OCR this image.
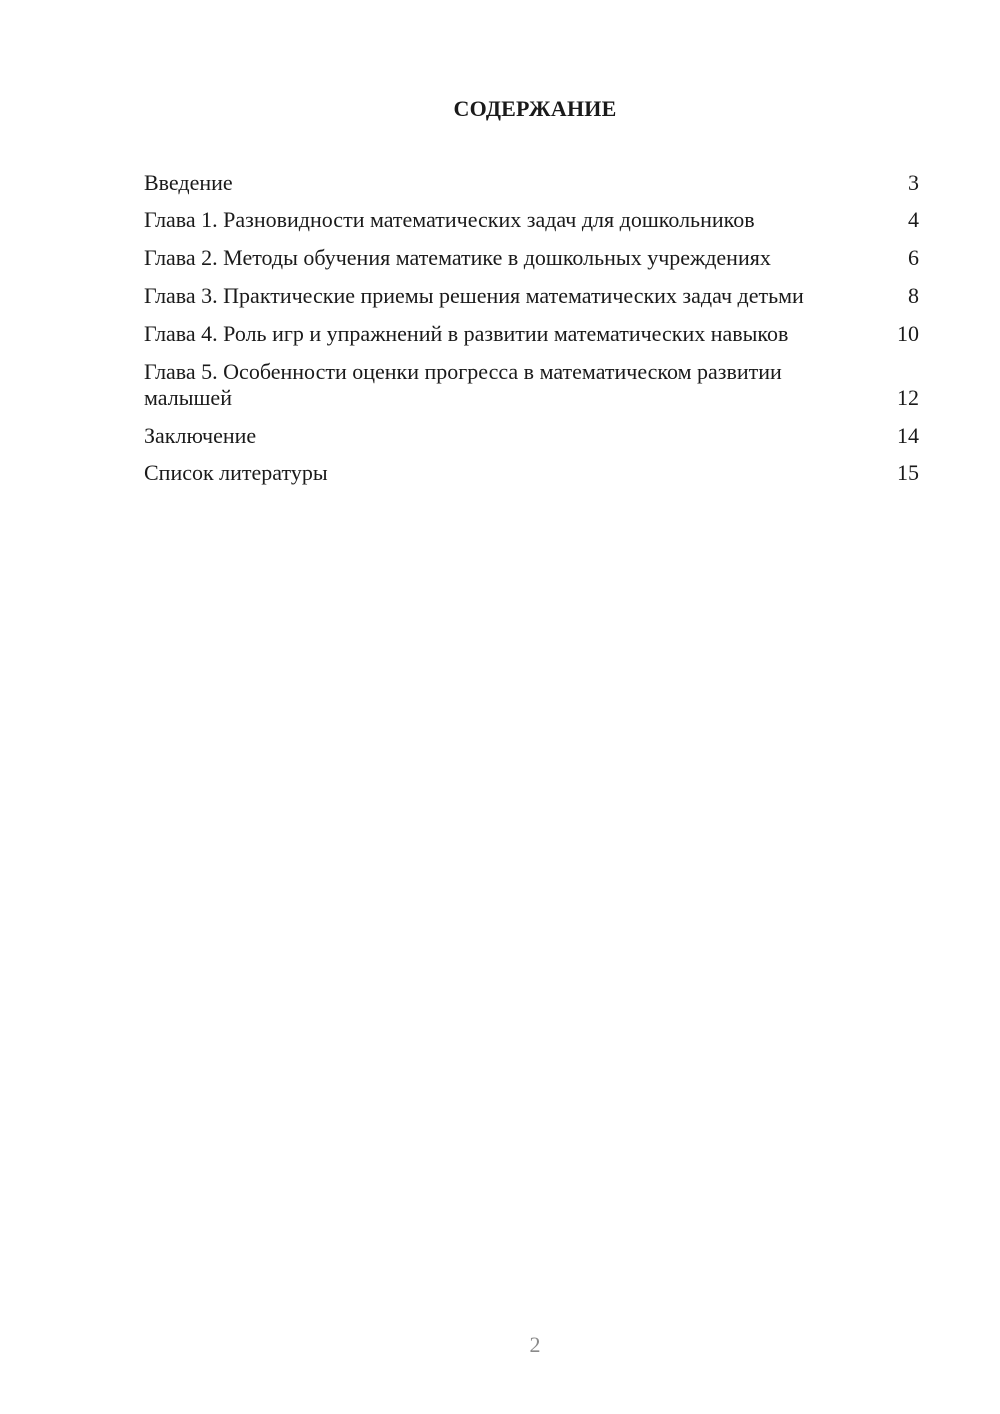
СОДЕРЖАНИЕ
Введение	3
Глава 1. Разновидности математических задач для дошкольников	4
Глава 2. Методы обучения математике в дошкольных учреждениях	6
Глава 3. Практические приемы решения математических задач детьми	8
Глава 4. Роль игр и упражнений в развитии математических навыков	10
Глава 5. Особенности оценки прогресса в математическом развитии малышей	12
Заключение	14
Список литературы	15
2
